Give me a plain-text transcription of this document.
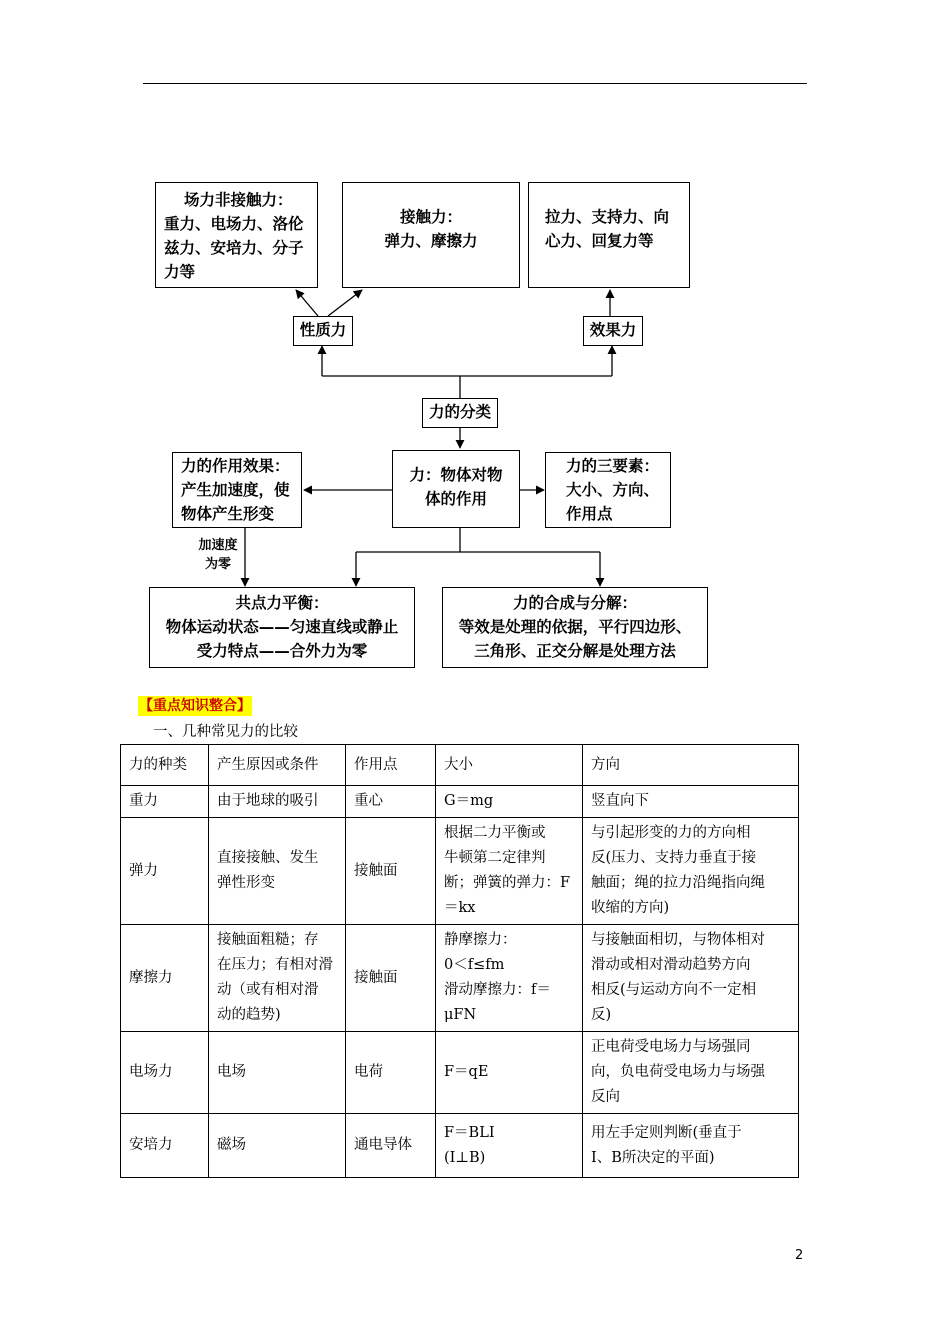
场力非接触力：
重力、电场力、洛伦
兹力、安培力、分子
力等
接触力：
弹力、摩擦力
拉力、支持力、向
心力、回复力等
性质力	效果力
力的分类
力的作用效果：
产生加速度，使
物体产生形变
力：物体对物
体的作用
力的三要素：
大小、方向、
作用点
加速度
为零
共点力平衡：
物体运动状态——匀速直线或静止
受力特点——合外力为零
力的合成与分解：
等效是处理的依据，平行四边形、
三角形、正交分解是处理方法
【重点知识整合】
一、几种常见力的比较
力的种类	产生原因或条件	作用点	大小	方向

重力	由于地球的吸引	重心	G＝mg	竖直向下

弹力	直接接触、发生
弹性形变	接触面	根据二力平衡或
牛顿第二定律判
断；弹簧的弹力：F
＝kx	与引起形变的力的方向相
反(压力、支持力垂直于接
触面；绳的拉力沿绳指向绳
收缩的方向)

摩擦力	接触面粗糙；存
在压力；有相对滑
动（或有相对滑
动的趋势)	接触面	静摩擦力：
0＜f≤fm
滑动摩擦力：f＝
μFN	与接触面相切，与物体相对
滑动或相对滑动趋势方向
相反(与运动方向不一定相
反)

电场力	电场	电荷	F＝qE	正电荷受电场力与场强同
向，负电荷受电场力与场强
反向

安培力	磁场	通电导体	F＝BLI
(I⊥B)	用左手定则判断(垂直于
I、B所决定的平面)
2
